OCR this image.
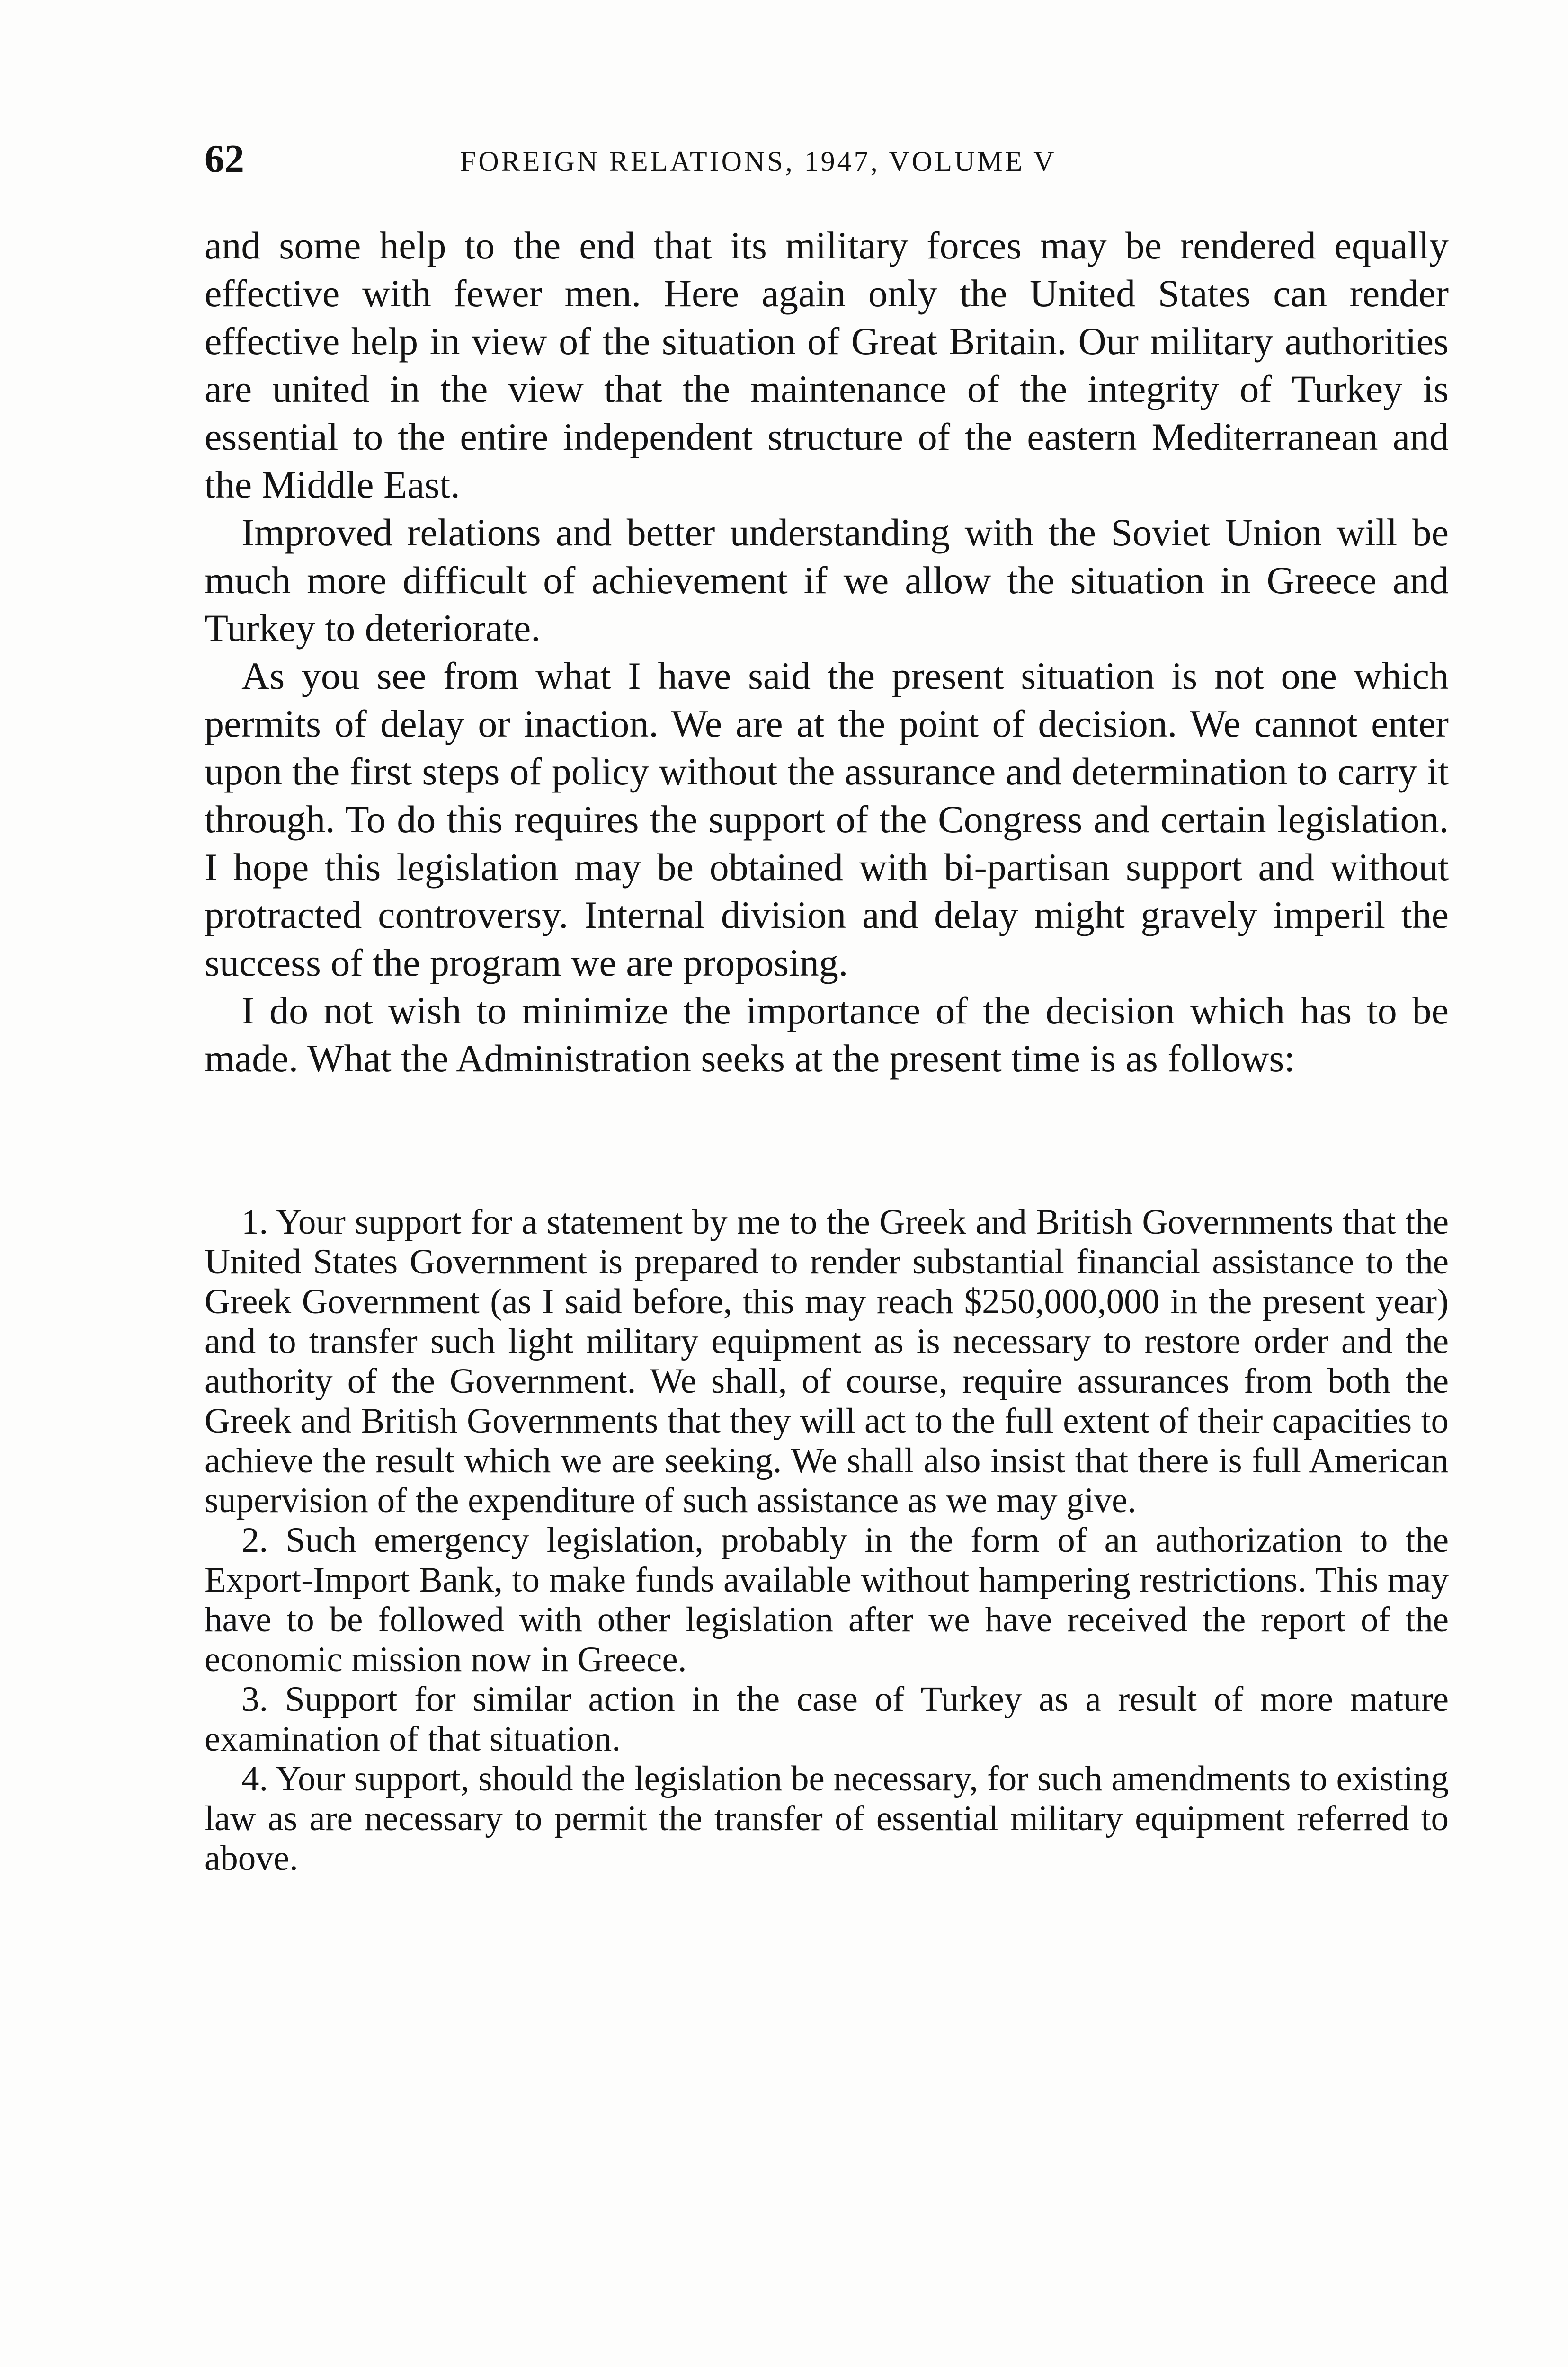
62	FOREIGN RELATIONS, 1947, VOLUME V

and some help to the end that its military forces may be rendered equally effective with fewer men. Here again only the United States can render effective help in view of the situation of Great Britain. Our military authorities are united in the view that the maintenance of the integrity of Turkey is essential to the entire independent structure of the eastern Mediterranean and the Middle East.

Improved relations and better understanding with the Soviet Union will be much more difficult of achievement if we allow the situation in Greece and Turkey to deteriorate.

As you see from what I have said the present situation is not one which permits of delay or inaction. We are at the point of decision. We cannot enter upon the first steps of policy without the assurance and determination to carry it through. To do this requires the support of the Congress and certain legislation. I hope this legislation may be obtained with bi-partisan support and without protracted controversy. Internal division and delay might gravely imperil the success of the program we are proposing.

I do not wish to minimize the importance of the decision which has to be made. What the Administration seeks at the present time is as follows:

1. Your support for a statement by me to the Greek and British Governments that the United States Government is prepared to render substantial financial assistance to the Greek Government (as I said before, this may reach $250,000,000 in the present year) and to transfer such light military equipment as is necessary to restore order and the authority of the Government. We shall, of course, require assurances from both the Greek and British Governments that they will act to the full extent of their capacities to achieve the result which we are seeking. We shall also insist that there is full American supervision of the expenditure of such assistance as we may give.

2. Such emergency legislation, probably in the form of an authorization to the Export-Import Bank, to make funds available without hampering restrictions. This may have to be followed with other legislation after we have received the report of the economic mission now in Greece.

3. Support for similar action in the case of Turkey as a result of more mature examination of that situation.

4. Your support, should the legislation be necessary, for such amendments to existing law as are necessary to permit the transfer of essential military equipment referred to above.
